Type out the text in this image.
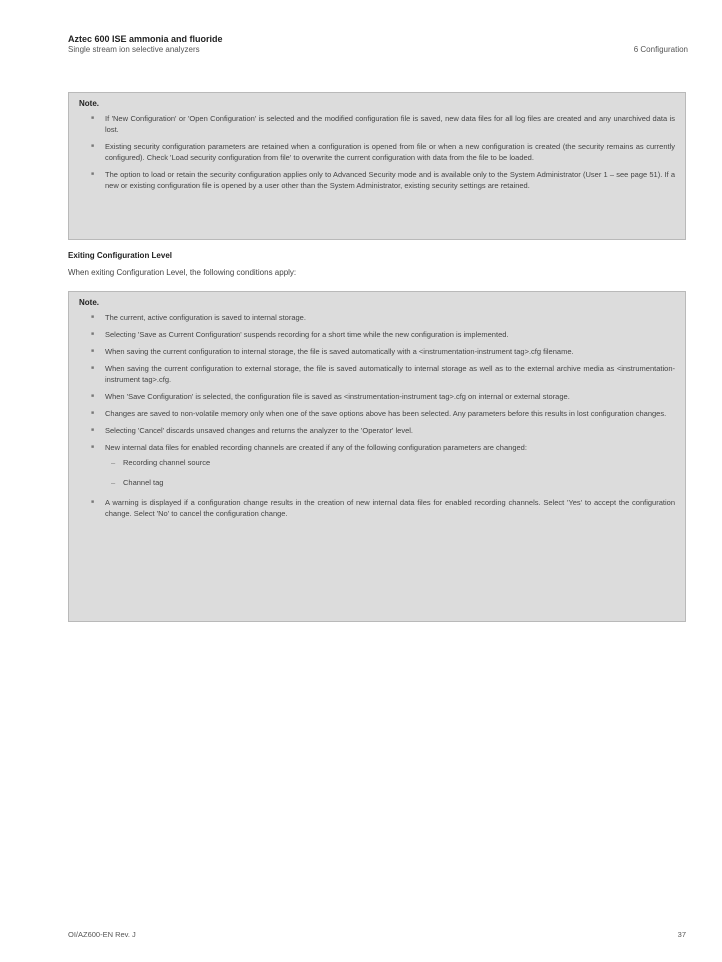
Aztec 600 ISE ammonia and fluoride
Single stream ion selective analyzers	6 Configuration
Note.
■ If 'New Configuration' or 'Open Configuration' is selected and the modified configuration file is saved, new data files for all log files are created and any unarchived data is lost.
■ Existing security configuration parameters are retained when a configuration is opened from file or when a new configuration is created (the security remains as currently configured). Check 'Load security configuration from file' to overwrite the current configuration with data from the file to be loaded.
■ The option to load or retain the security configuration applies only to Advanced Security mode and is available only to the System Administrator (User 1 – see page 51). If a new or existing configuration file is opened by a user other than the System Administrator, existing security settings are retained.
Exiting Configuration Level
When exiting Configuration Level, the following conditions apply:
Note.
■ The current, active configuration is saved to internal storage.
■ Selecting 'Save as Current Configuration' suspends recording for a short time while the new configuration is implemented.
■ When saving the current configuration to internal storage, the file is saved automatically with a <instrumentation-instrument tag>.cfg filename.
■ When saving the current configuration to external storage, the file is saved automatically to internal storage as well as to the external archive media as <instrumentation-instrument tag>.cfg.
■ When 'Save Configuration' is selected, the configuration file is saved as <instrumentation-instrument tag>.cfg on internal or external storage.
■ Changes are saved to non-volatile memory only when one of the save options above has been selected. Any parameters before this results in lost configuration changes.
■ Selecting 'Cancel' discards unsaved changes and returns the analyzer to the 'Operator' level.
■ New internal data files for enabled recording channels are created if any of the following configuration parameters are changed:
– Recording channel source
– Channel tag
■ A warning is displayed if a configuration change results in the creation of new internal data files for enabled recording channels. Select 'Yes' to accept the configuration change. Select 'No' to cancel the configuration change.
OI/AZ600-EN Rev. J	37
